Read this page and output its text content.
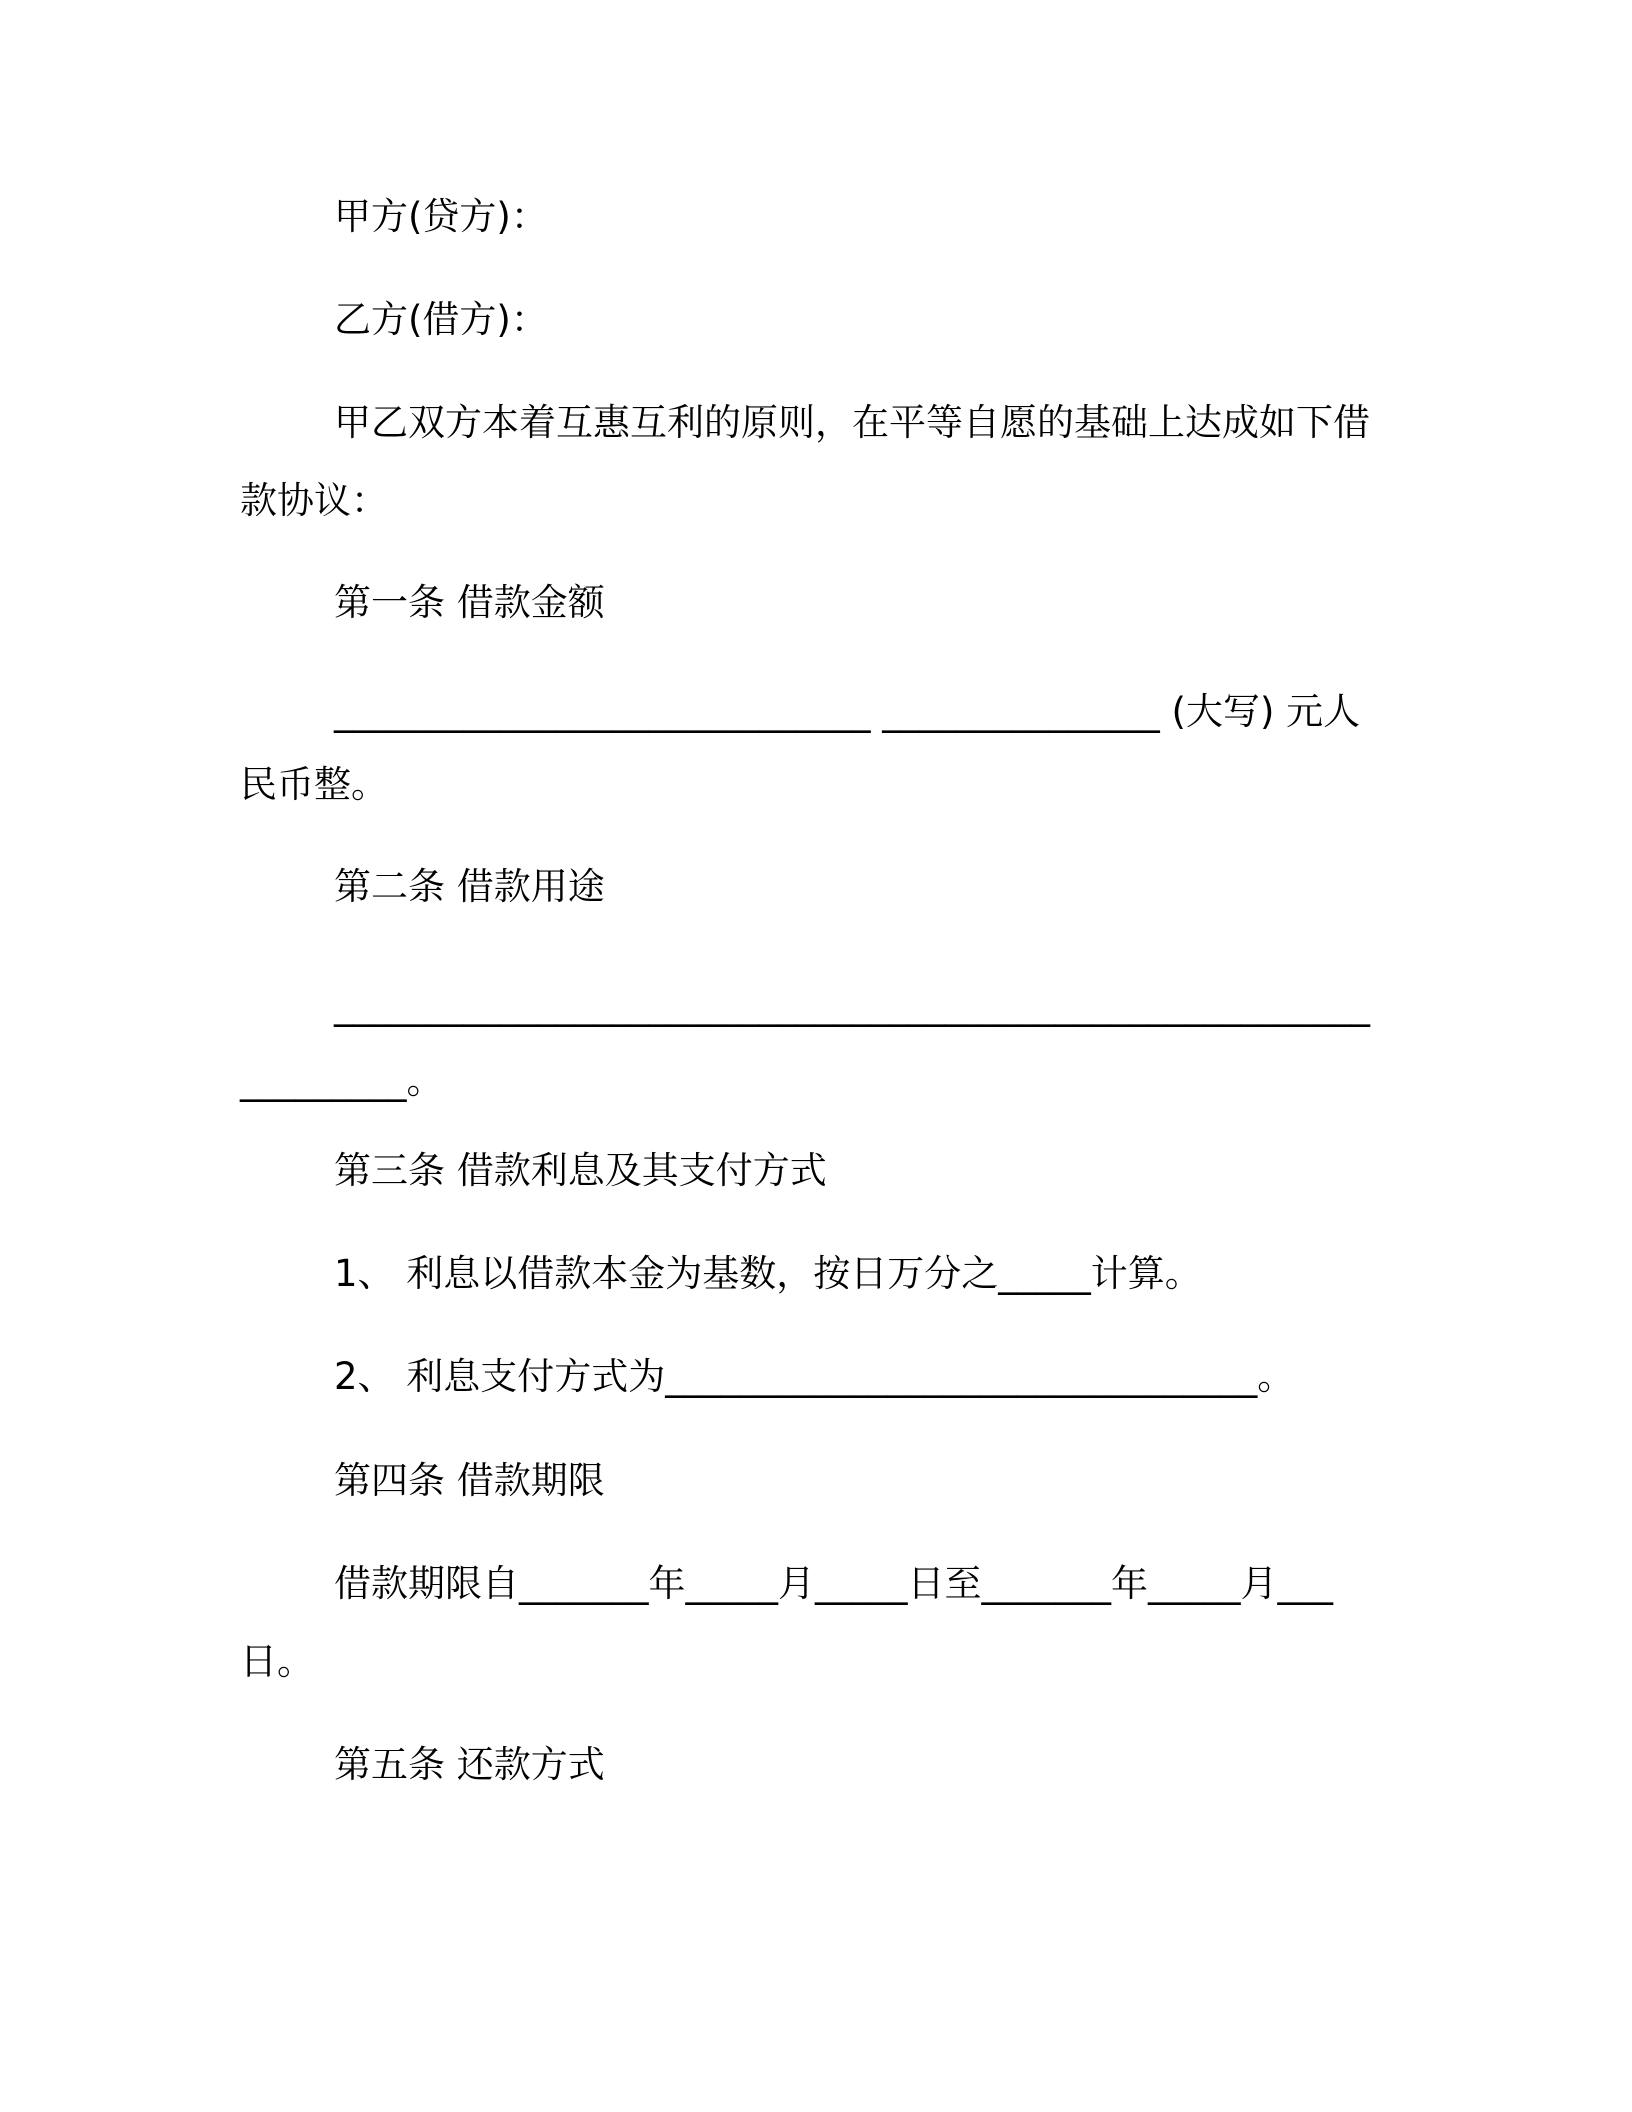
甲方(贷方)：
乙方(借方)：
甲乙双方本着互惠互利的原则，在平等自愿的基础上达成如下借
款协议：
第一条 借款金额
_____________________________ _______________ (大写) 元人
民币整。
第二条 借款用途
________________________________________________________
_________。
第三条 借款利息及其支付方式
1、 利息以借款本金为基数，按日万分之_____计算。
2、 利息支付方式为________________________________。
第四条 借款期限
借款期限自_______年_____月_____日至_______年_____月___
日。
第五条 还款方式
